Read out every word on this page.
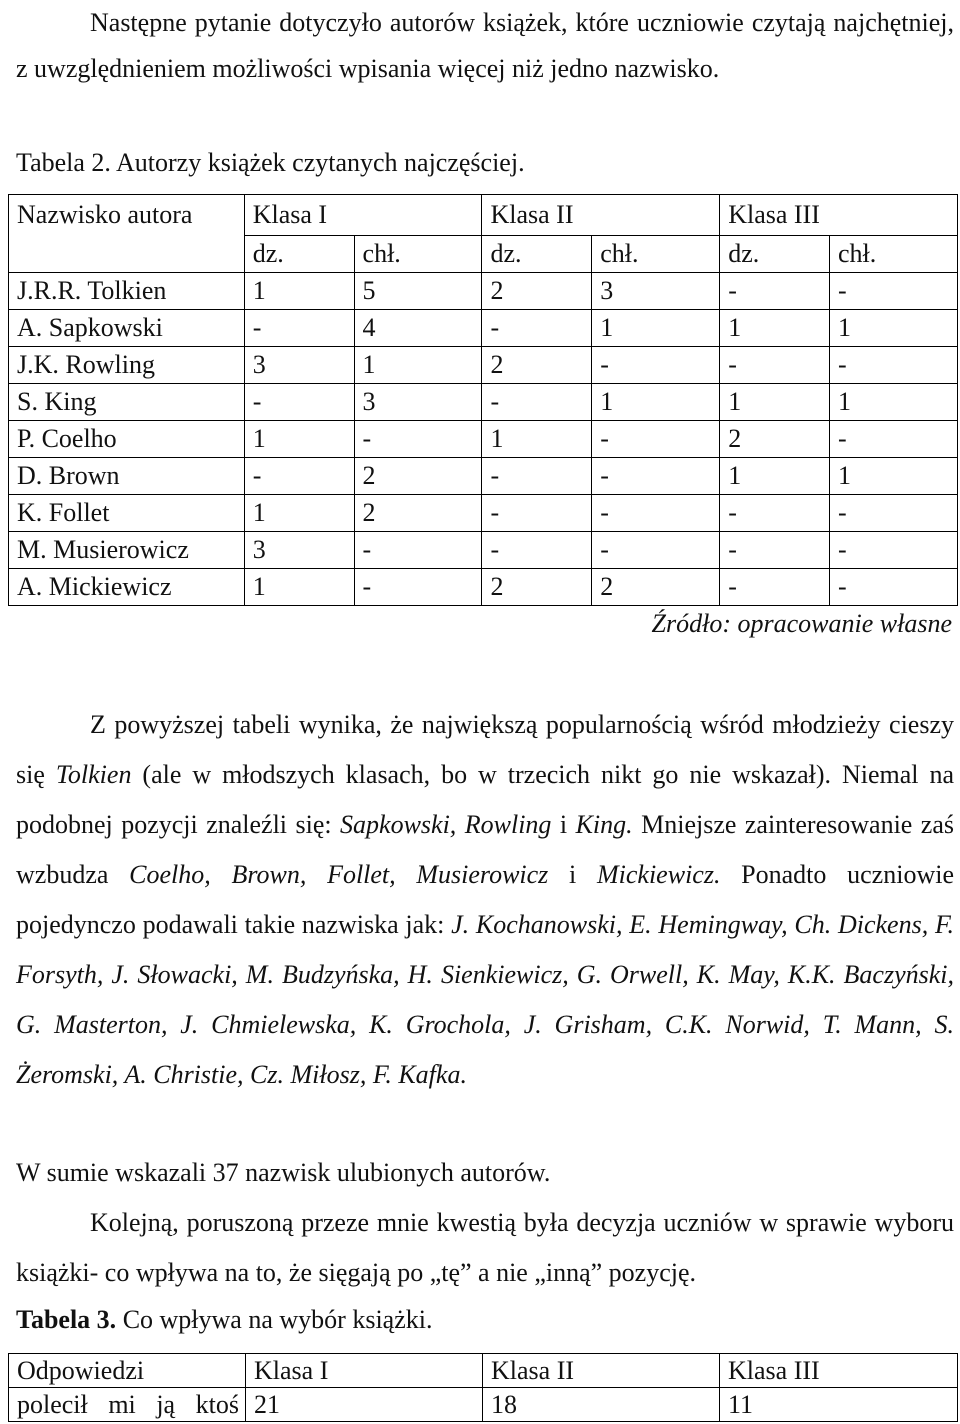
Następne pytanie dotyczyło autorów książek, które uczniowie czytają najchętniej, z uwzględnieniem możliwości wpisania więcej niż jedno nazwisko.

Tabela 2. Autorzy książek czytanych najczęściej.
Nazwisko autora	Klasa I		Klasa II		Klasa III	
	dz.	chł.	dz.	chł.	dz.	chł.
J.R.R. Tolkien	1	5	2	3	-	-
A. Sapkowski	-	4	-	1	1	1
J.K. Rowling	3	1	2	-	-	-
S. King	-	3	-	1	1	1
P. Coelho	1	-	1	-	2	-
D. Brown	-	2	-	-	1	1
K. Follet	1	2	-	-	-	-
M. Musierowicz	3	-	-	-	-	-
A. Mickiewicz	1	-	2	2	-	-
Źródło: opracowanie własne

Z powyższej tabeli wynika, że największą popularnością wśród młodzieży cieszy się Tolkien (ale w młodszych klasach, bo w trzecich nikt go nie wskazał). Niemal na podobnej pozycji znaleźli się: Sapkowski, Rowling i King. Mniejsze zainteresowanie zaś wzbudza Coelho, Brown, Follet, Musierowicz i Mickiewicz. Ponadto uczniowie pojedynczo podawali takie nazwiska jak: J. Kochanowski, E. Hemingway, Ch. Dickens, F. Forsyth, J. Słowacki, M. Budzyńska, H. Sienkiewicz, G. Orwell, K. May, K.K. Baczyński, G. Masterton, J. Chmielewska, K. Grochola, J. Grisham, C.K. Norwid, T. Mann, S. Żeromski, A. Christie, Cz. Miłosz, F. Kafka.

W sumie wskazali 37 nazwisk ulubionych autorów.

Kolejną, poruszoną przeze mnie kwestią była decyzja uczniów w sprawie wyboru książki- co wpływa na to, że sięgają po „tę” a nie „inną” pozycję.

Tabela 3. Co wpływa na wybór książki.
Odpowiedzi	Klasa I	Klasa II	Klasa III
polecił mi ją ktoś	21	18	11
